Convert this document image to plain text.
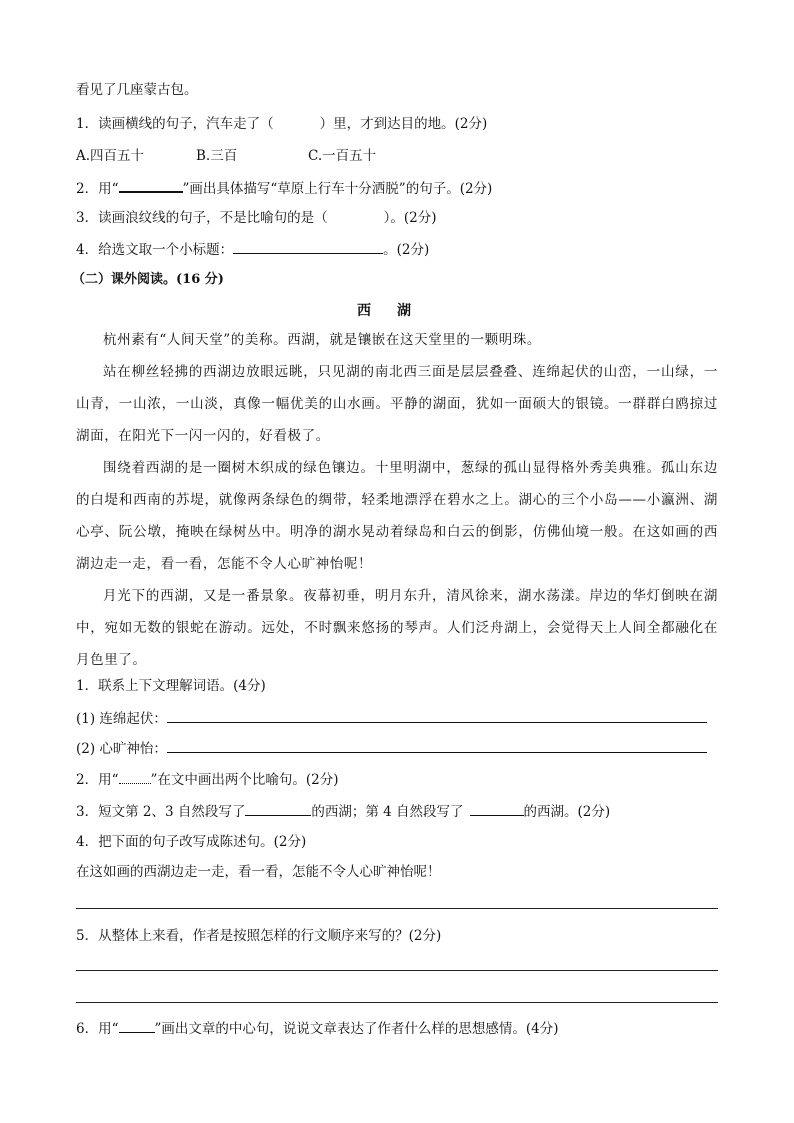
看见了几座蒙古包。
1．读画横线的句子，汽车走了（	）里，才到达目的地。(2分)
A.四百五十	B.三百	C.一百五十
2．用“	”画出具体描写“草原上行车十分洒脱”的句子。(2分)
3．读画浪纹线的句子，不是比喻句的是（	）。(2分)
4．给选文取一个小标题：	。(2分)
（二）课外阅读。(16 分)
西湖
杭州素有“人间天堂”的美称。西湖，就是镶嵌在这天堂里的一颗明珠。
站在柳丝轻拂的西湖边放眼远眺，只见湖的南北西三面是层层叠叠、连绵起伏的山峦，一山绿，一山青，一山浓，一山淡，真像一幅优美的山水画。平静的湖面，犹如一面硕大的银镜。一群群白鸥掠过湖面，在阳光下一闪一闪的，好看极了。
围绕着西湖的是一圈树木织成的绿色镶边。十里明湖中，葱绿的孤山显得格外秀美典雅。孤山东边的白堤和西南的苏堤，就像两条绿色的绸带，轻柔地漂浮在碧水之上。湖心的三个小岛——小瀛洲、湖心亭、阮公墩，掩映在绿树丛中。明净的湖水晃动着绿岛和白云的倒影，仿佛仙境一般。在这如画的西湖边走一走，看一看，怎能不令人心旷神怡呢！
月光下的西湖，又是一番景象。夜幕初垂，明月东升，清风徐来，湖水荡漾。岸边的华灯倒映在湖中，宛如无数的银蛇在游动。远处，不时飘来悠扬的琴声。人们泛舟湖上，会觉得天上人间全都融化在月色里了。
1．联系上下文理解词语。(4分)
(1) 连绵起伏：
(2) 心旷神怡：
2．用“ ”在文中画出两个比喻句。(2分)
3．短文第 2、3 自然段写了	的西湖；第 4 自然段写了	的西湖。(2分)
4．把下面的句子改写成陈述句。(2分)
在这如画的西湖边走一走，看一看，怎能不令人心旷神怡呢！
5．从整体上来看，作者是按照怎样的行文顺序来写的？(2分)
6．用“	”画出文章的中心句，说说文章表达了作者什么样的思想感情。(4分)
